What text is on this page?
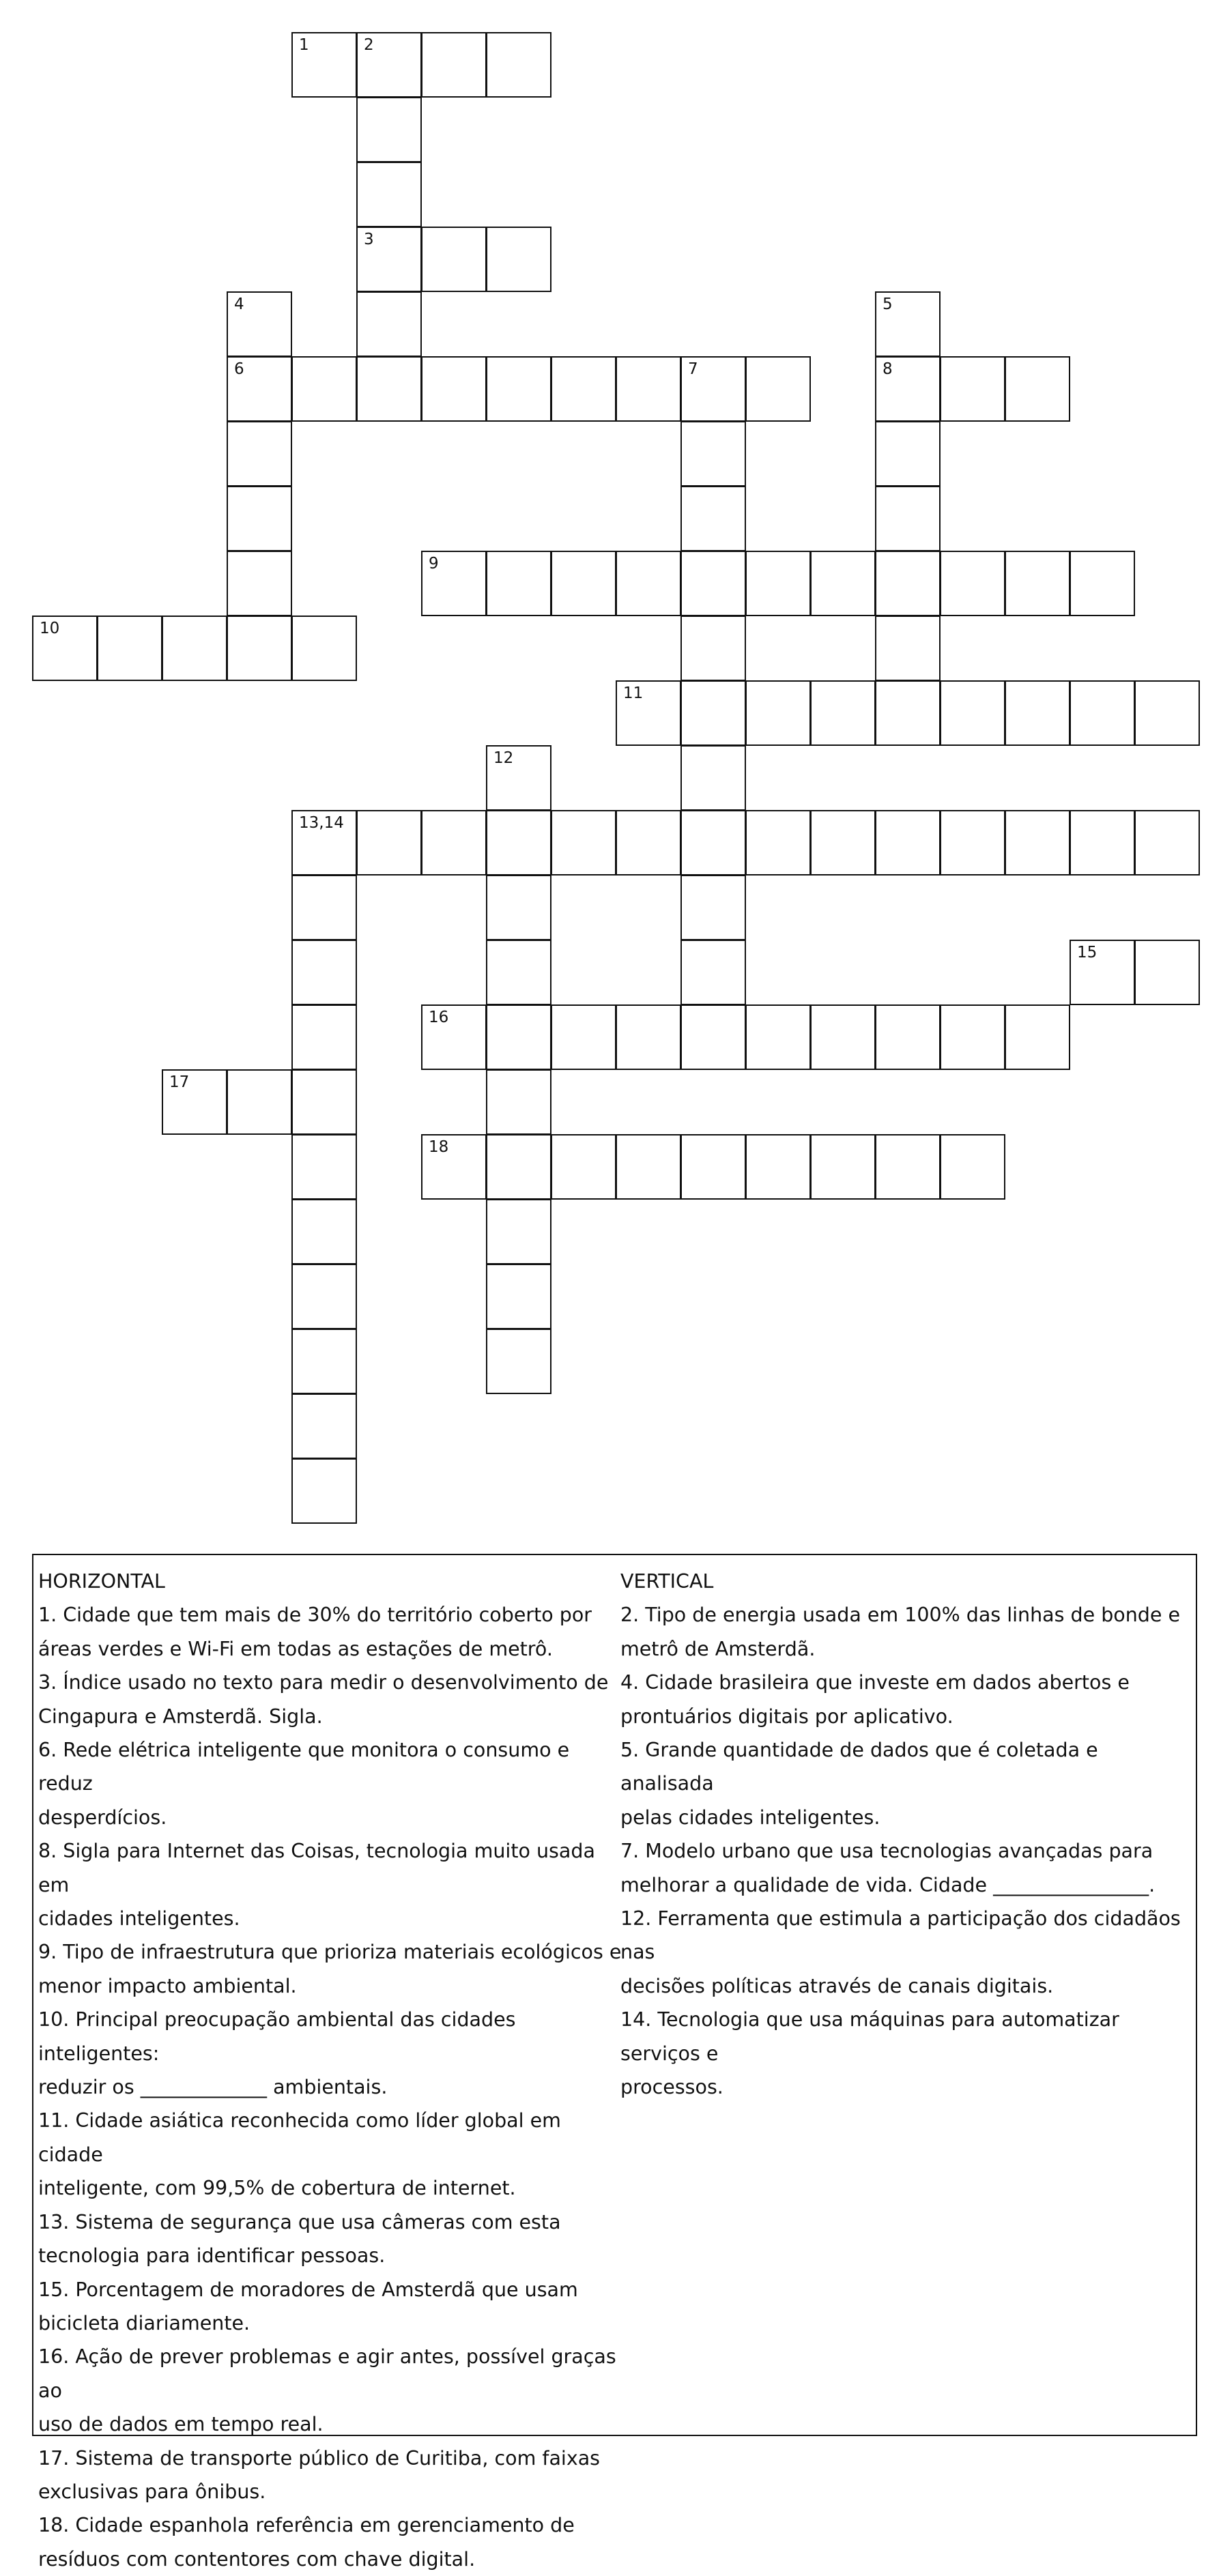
1	2
3
4	5
6	7	8
9
10
11
12
13,14
15
16
17
18

HORIZONTAL

1. Cidade que tem mais de 30% do território coberto por

áreas verdes e Wi-Fi em todas as estações de metrô.

3. Índice usado no texto para medir o desenvolvimento de

Cingapura e Amsterdã. Sigla.

6. Rede elétrica inteligente que monitora o consumo e reduz

desperdícios.

8. Sigla para Internet das Coisas, tecnologia muito usada em

cidades inteligentes.

9. Tipo de infraestrutura que prioriza materiais ecológicos e

menor impacto ambiental.

10. Principal preocupação ambiental das cidades inteligentes:

reduzir os _____________ ambientais.

11. Cidade asiática reconhecida como líder global em cidade

inteligente, com 99,5% de cobertura de internet.

13. Sistema de segurança que usa câmeras com esta

tecnologia para identificar pessoas.

15. Porcentagem de moradores de Amsterdã que usam

bicicleta diariamente.

16. Ação de prever problemas e agir antes, possível graças ao

uso de dados em tempo real.

17. Sistema de transporte público de Curitiba, com faixas

exclusivas para ônibus.

18. Cidade espanhola referência em gerenciamento de

resíduos com contentores com chave digital.

VERTICAL

2. Tipo de energia usada em 100% das linhas de bonde e

metrô de Amsterdã.

4. Cidade brasileira que investe em dados abertos e

prontuários digitais por aplicativo.

5. Grande quantidade de dados que é coletada e analisada

pelas cidades inteligentes.

7. Modelo urbano que usa tecnologias avançadas para

melhorar a qualidade de vida. Cidade ________________.

12. Ferramenta que estimula a participação dos cidadãos nas

decisões políticas através de canais digitais.

14. Tecnologia que usa máquinas para automatizar serviços e

processos.
